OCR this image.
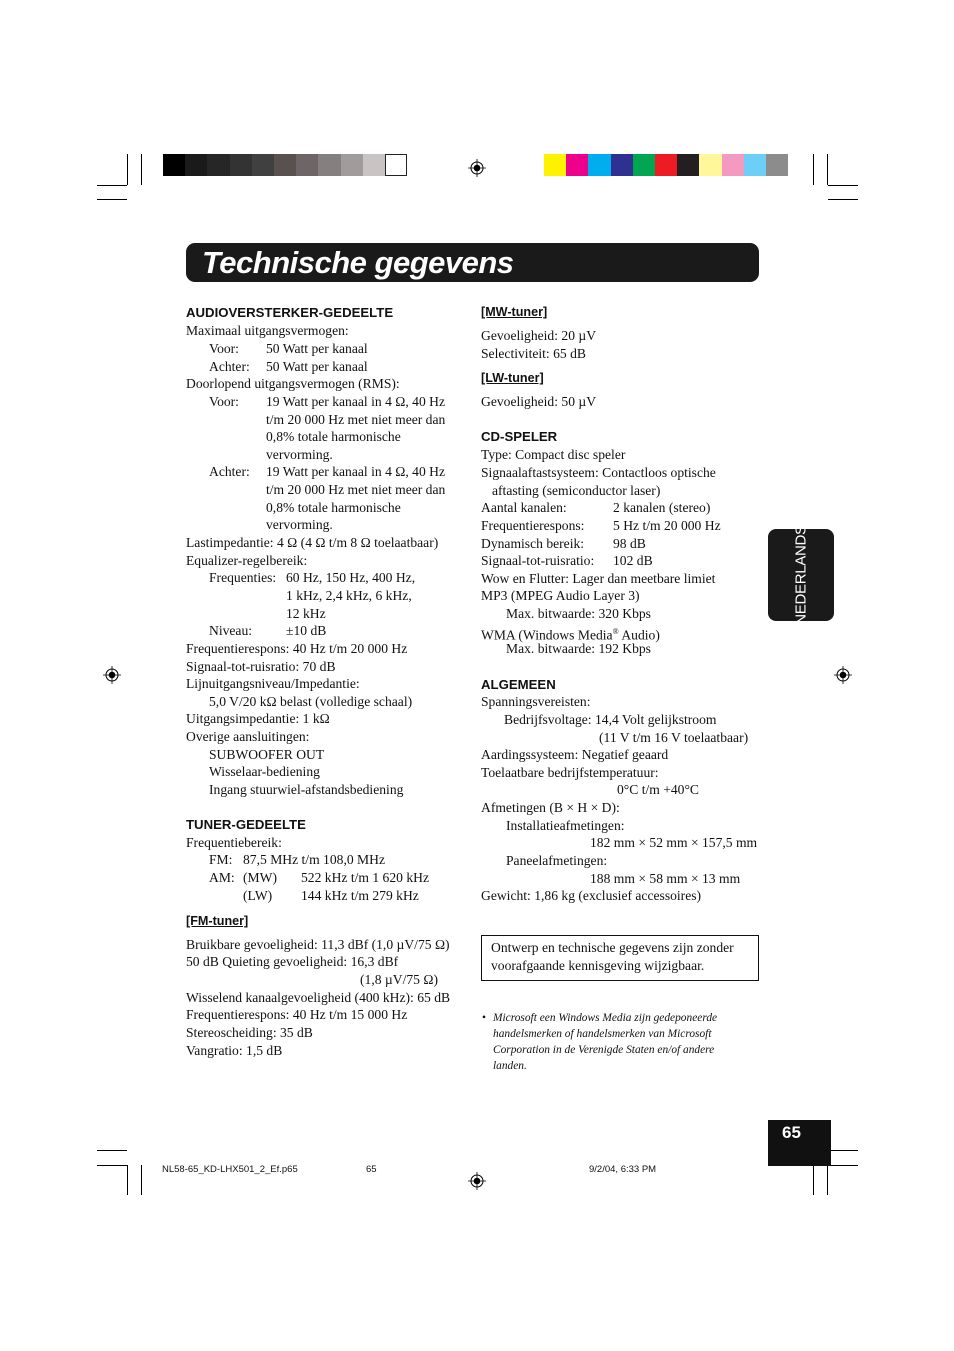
Technische gegevens
AUDIOVERSTERKER-GEDEELTE
Maximaal uitgangsvermogen:
Voor: 50 Watt per kanaal
Achter: 50 Watt per kanaal
Doorlopend uitgangsvermogen (RMS):
Voor: 19 Watt per kanaal in 4 Ω, 40 Hz
t/m 20 000 Hz met niet meer dan
0,8% totale harmonische
vervorming.
Achter: 19 Watt per kanaal in 4 Ω, 40 Hz
t/m 20 000 Hz met niet meer dan
0,8% totale harmonische
vervorming.
Lastimpedantie: 4 Ω (4 Ω t/m 8 Ω toelaatbaar)
Equalizer-regelbereik:
Frequenties: 60 Hz, 150 Hz, 400 Hz,
1 kHz, 2,4 kHz, 6 kHz,
12 kHz
Niveau: ±10 dB
Frequentierespons: 40 Hz t/m 20 000 Hz
Signaal-tot-ruisratio: 70 dB
Lijnuitgangsniveau/Impedantie:
5,0 V/20 kΩ belast (volledige schaal)
Uitgangsimpedantie: 1 kΩ
Overige aansluitingen:
SUBWOOFER OUT
Wisselaar-bediening
Ingang stuurwiel-afstandsbediening
TUNER-GEDEELTE
Frequentiebereik:
FM: 87,5 MHz t/m 108,0 MHz
AM: (MW) 522 kHz t/m 1 620 kHz
(LW) 144 kHz t/m 279 kHz
[FM-tuner]
Bruikbare gevoeligheid: 11,3 dBf (1,0 µV/75 Ω)
50 dB Quieting gevoeligheid: 16,3 dBf
(1,8 µV/75 Ω)
Wisselend kanaalgevoeligheid (400 kHz): 65 dB
Frequentierespons: 40 Hz t/m 15 000 Hz
Stereoscheiding: 35 dB
Vangratio: 1,5 dB
[MW-tuner]
Gevoeligheid: 20 µV
Selectiviteit: 65 dB
[LW-tuner]
Gevoeligheid: 50 µV
CD-SPELER
Type: Compact disc speler
Signaalaftastsysteem: Contactloos optische
aftasting (semiconductor laser)
Aantal kanalen:	2 kanalen (stereo)
Frequentierespons: 5 Hz t/m 20 000 Hz
Dynamisch bereik: 98 dB
Signaal-tot-ruisratio: 102 dB
Wow en Flutter: Lager dan meetbare limiet
MP3 (MPEG Audio Layer 3)
Max. bitwaarde: 320 Kbps
WMA (Windows Media® Audio)
Max. bitwaarde: 192 Kbps
ALGEMEEN
Spanningsvereisten:
Bedrijfsvoltage: 14,4 Volt gelijkstroom
(11 V t/m 16 V toelaatbaar)
Aardingssysteem: Negatief geaard
Toelaatbare bedrijfstemperatuur:
0°C t/m +40°C
Afmetingen (B × H × D):
Installatieafmetingen:
182 mm × 52 mm × 157,5 mm
Paneelafmetingen:
188 mm × 58 mm × 13 mm
Gewicht: 1,86 kg (exclusief accessoires)
NEDERLANDS
Ontwerp en technische gegevens zijn zonder
voorafgaande kennisgeving wijzigbaar.
• Microsoft een Windows Media zijn gedeponeerde
handelsmerken of handelsmerken van Microsoft
Corporation in de Verenigde Staten en/of andere
landen.
65
NL58-65_KD-LHX501_2_Ef.p65	65	9/2/04, 6:33 PM
